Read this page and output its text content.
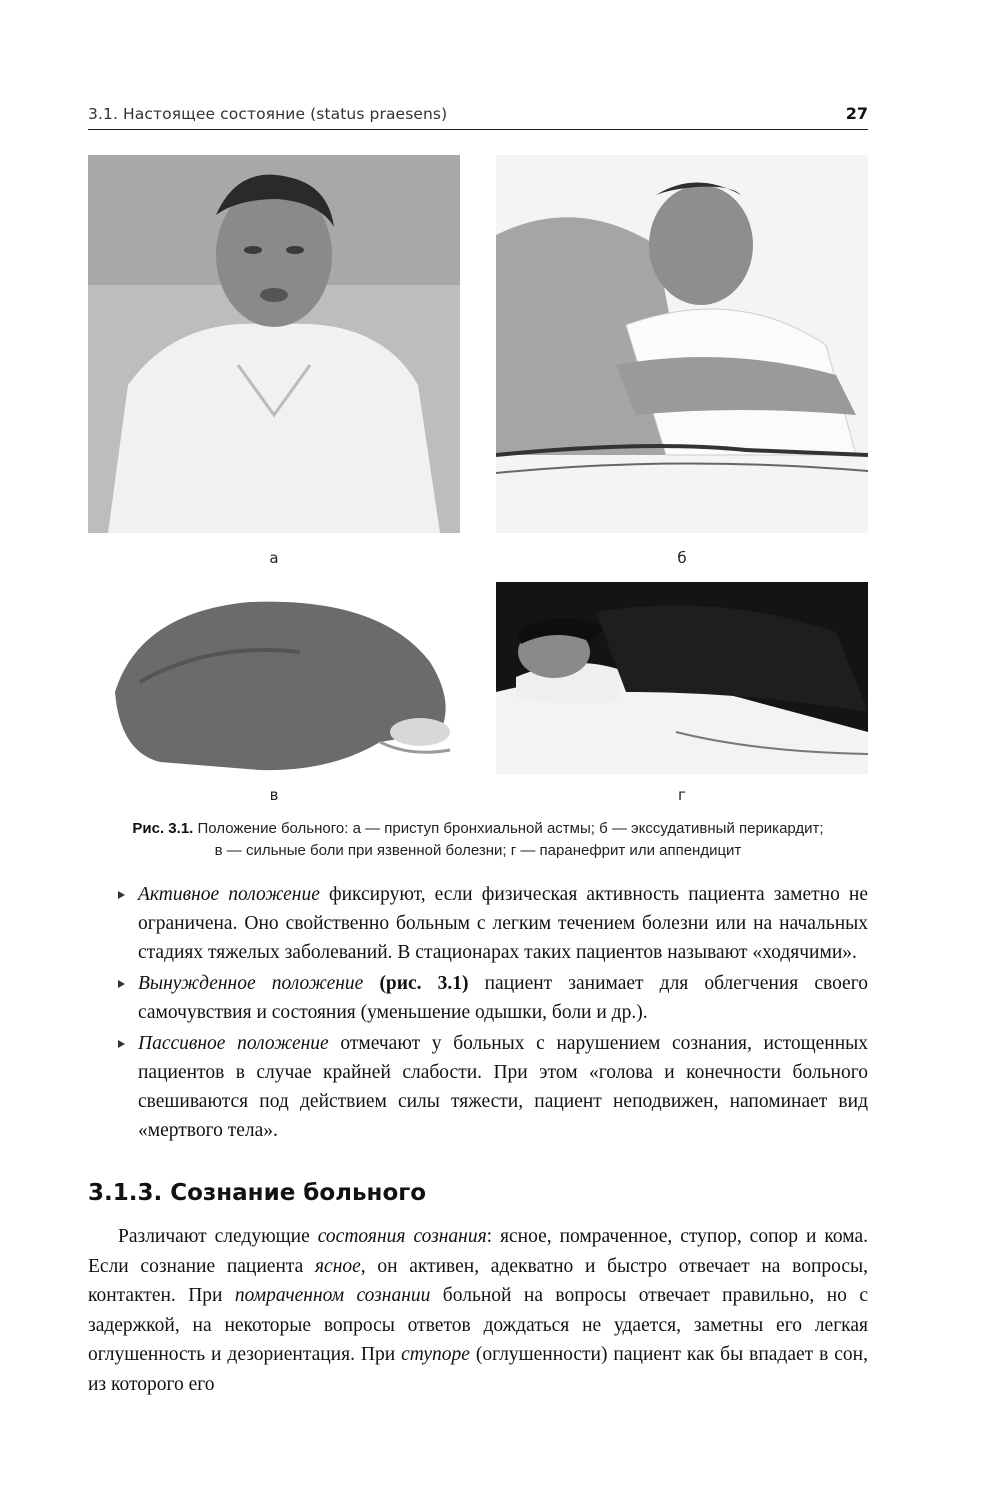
3.1. Настоящее состояние (status praesens)	27
а	б
в	г
Рис. 3.1. Положение больного: а — приступ бронхиальной астмы; б — экссудативный перикардит;
в — сильные боли при язвенной болезни; г — паранефрит или аппендицит
Активное положение фиксируют, если физическая активность пациента заметно не ограничена. Оно свойственно больным с легким течением болезни или на начальных стадиях тяжелых заболеваний. В стационарах таких пациентов называют «ходячими».
Вынужденное положение (рис. 3.1) пациент занимает для облегчения своего самочувствия и состояния (уменьшение одышки, боли и др.).
Пассивное положение отмечают у больных с нарушением сознания, истощенных пациентов в случае крайней слабости. При этом «голова и конечности больного свешиваются под действием силы тяжести, пациент неподвижен, напоминает вид «мертвого тела».
3.1.3. Сознание больного

Различают следующие состояния сознания: ясное, помраченное, ступор, сопор и кома. Если сознание пациента ясное, он активен, адекватно и быстро отвечает на вопросы, контактен. При помраченном сознании больной на вопросы отвечает правильно, но с задержкой, на некоторые вопросы ответов дождаться не удается, заметны его легкая оглушенность и дезориентация. При ступоре (оглушенности) пациент как бы впадает в сон, из которого его
